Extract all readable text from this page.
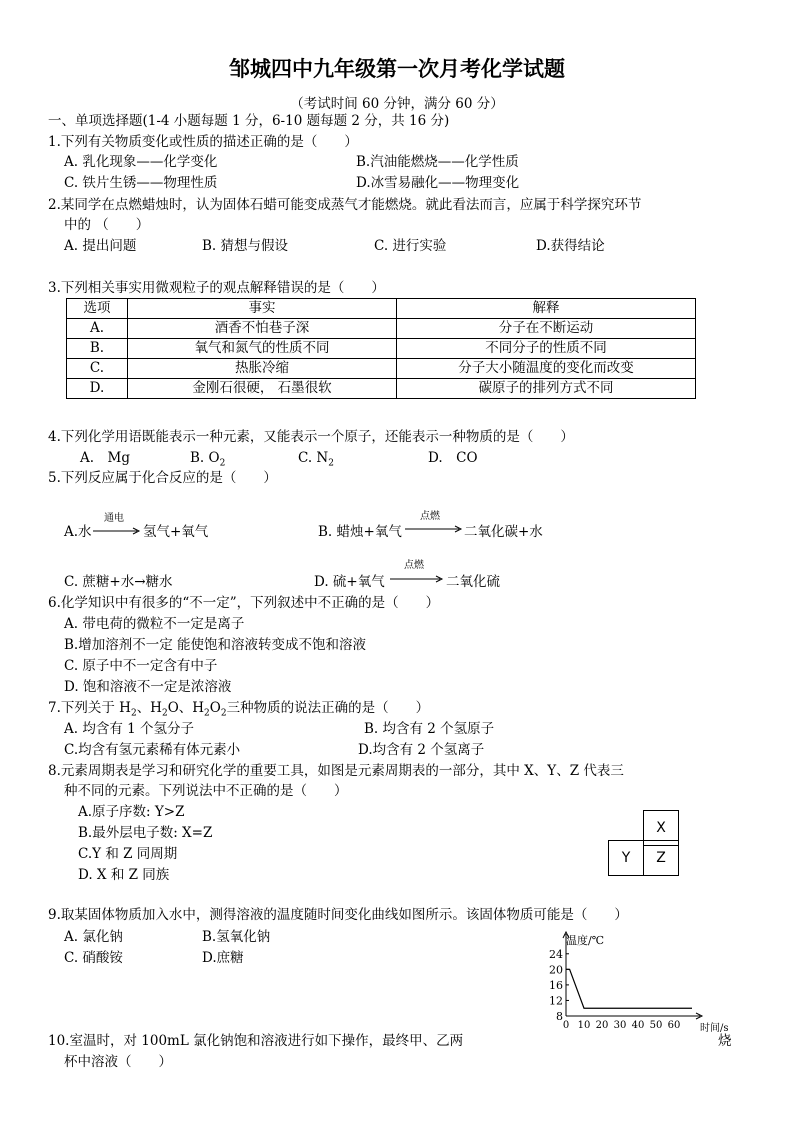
邹城四中九年级第一次月考化学试题
（考试时间 60 分钟，满分 60 分）
一、单项选择题(1-4 小题每题 1 分，6-10 题每题 2 分，共 16 分)
1.下列有关物质变化或性质的描述正确的是（　　）
A. 乳化现象——化学变化	B.汽油能燃烧——化学性质
C. 铁片生锈——物理性质	D.冰雪易融化——物理变化
2.某同学在点燃蜡烛时，认为固体石蜡可能变成蒸气才能燃烧。就此看法而言，应属于科学探究环节
中的 （　　）
A. 提出问题	B. 猜想与假设	C. 进行实验	D.获得结论
3.下列相关事实用微观粒子的观点解释错误的是（　　）
选项	事实	解释
A.	酒香不怕巷子深	分子在不断运动
B.	氧气和氮气的性质不同	不同分子的性质不同
C.	热胀冷缩	分子大小随温度的变化而改变
D.	金刚石很硬， 石墨很软	碳原子的排列方式不同
4.下列化学用语既能表示一种元素，又能表示一个原子，还能表示一种物质的是（　　）
A.　Mg	B. $O_2$	C. $N_2$	D.　CO
5.下列反应属于化合反应的是（　　）
A.水
通电
→ 氢气+氧气	B. 蜡烛+氧气
点燃
→ 二氧化碳+水
C. 蔗糖+水→糖水	D. 硫+氧气
点燃
→ 二氧化硫
6.化学知识中有很多的“不一定”，下列叙述中不正确的是（　　）
A. 带电荷的微粒不一定是离子
B.增加溶剂不一定 能使饱和溶液转变成不饱和溶液
C. 原子中不一定含有中子
D. 饱和溶液不一定是浓溶液
7.下列关于 $H_2$、$H_2O$、$H_2O_2$三种物质的说法正确的是（　　）
A. 均含有 1 个氢分子	B. 均含有 2 个氢原子
C.均含有氢元素稀有体元素小	D.均含有 2 个氢离子
8.元素周期表是学习和研究化学的重要工具，如图是元素周期表的一部分，其中 X、Y、Z 代表三
种不同的元素。下列说法中不正确的是（　　）
A.原子序数: Y>Z
B.最外层电子数: X=Z
C.Y 和 Z 同周期
D. X 和 Z 同族
X
Y	Z
9.取某固体物质加入水中，测得溶液的温度随时间变化曲线如图所示。该固体物质可能是（　　）
A. 氯化钠	B.氢氧化钠
C. 硝酸铵	D.庶糖
温度/℃
时间/s
8
12
16
20
24
0 10 20 30 40 50 60
10.室温时，对 100mL 氯化钠饱和溶液进行如下操作，最终甲、乙两	烧
杯中溶液（　　）
